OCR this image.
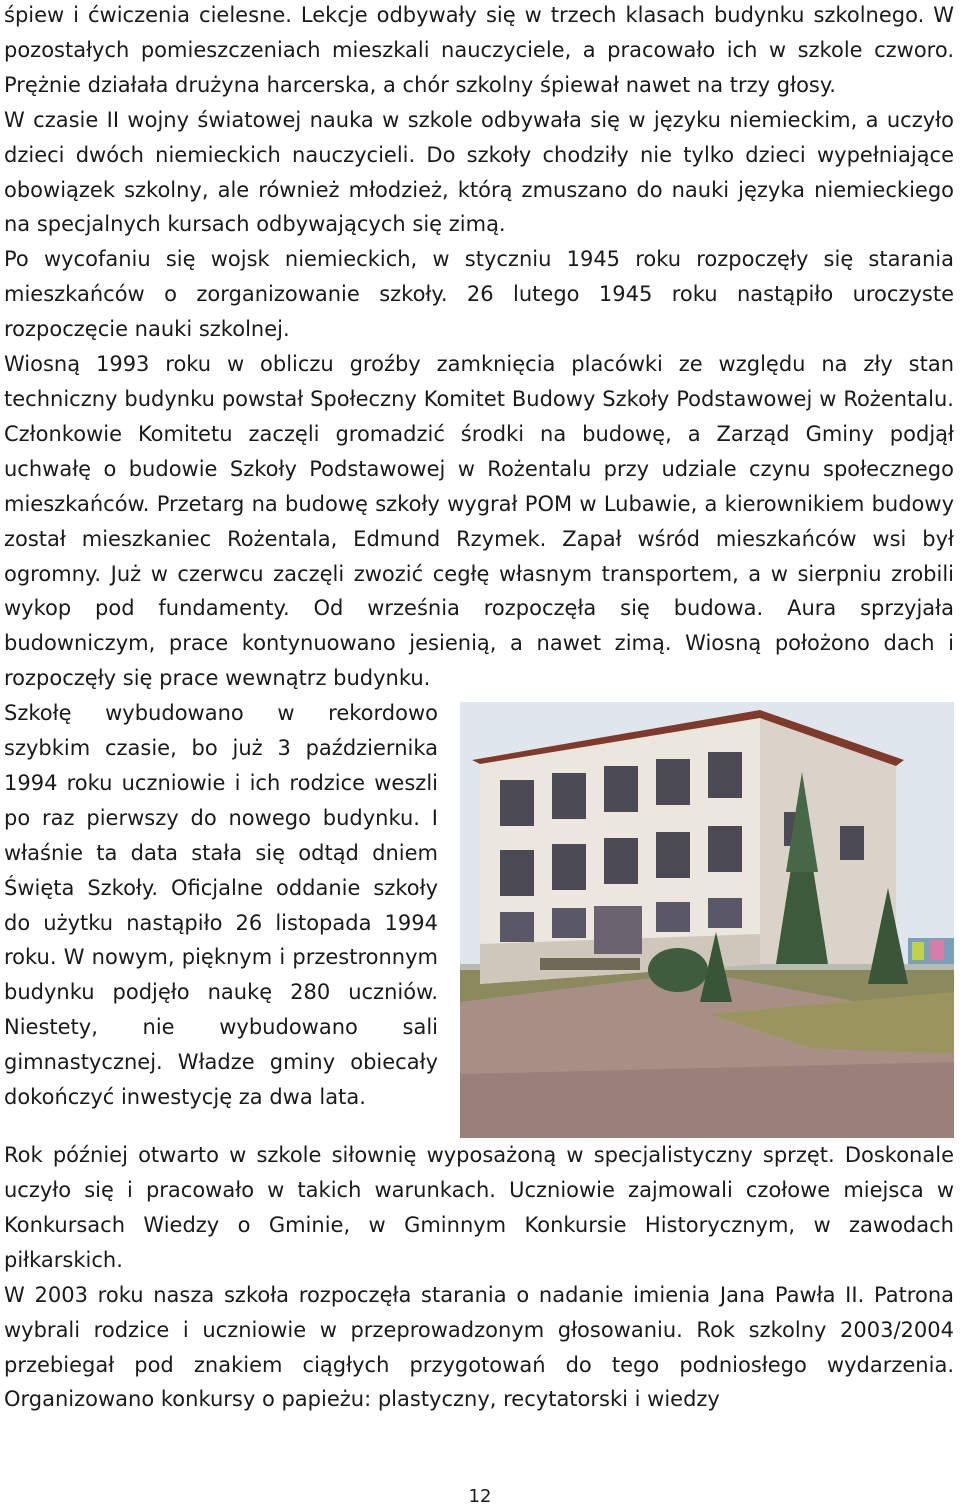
śpiew i ćwiczenia cielesne. Lekcje odbywały się w trzech klasach budynku szkolnego. W pozostałych pomieszczeniach mieszkali nauczyciele, a pracowało ich w szkole czworo. Prężnie działała drużyna harcerska, a chór szkolny śpiewał nawet na trzy głosy.

W czasie II wojny światowej nauka w szkole odbywała się w języku niemieckim, a uczyło dzieci dwóch niemieckich nauczycieli. Do szkoły chodziły nie tylko dzieci wypełniające obowiązek szkolny, ale również młodzież, którą zmuszano do nauki języka niemieckiego na specjalnych kursach odbywających się zimą.

Po wycofaniu się wojsk niemieckich, w styczniu 1945 roku rozpoczęły się starania mieszkańców o zorganizowanie szkoły. 26 lutego 1945 roku nastąpiło uroczyste rozpoczęcie nauki szkolnej.

Wiosną 1993 roku w obliczu groźby zamknięcia placówki ze względu na zły stan techniczny budynku powstał Społeczny Komitet Budowy Szkoły Podstawowej w Rożentalu. Członkowie Komitetu zaczęli gromadzić środki na budowę, a Zarząd Gminy podjął uchwałę o budowie Szkoły Podstawowej w Rożentalu przy udziale czynu społecznego mieszkańców. Przetarg na budowę szkoły wygrał POM w Lubawie, a kierownikiem budowy został mieszkaniec Rożentala, Edmund Rzymek. Zapał wśród mieszkańców wsi był ogromny. Już w czerwcu zaczęli zwozić cegłę własnym transportem, a w sierpniu zrobili wykop pod fundamenty. Od września rozpoczęła się budowa. Aura sprzyjała budowniczym, prace kontynuowano jesienią, a nawet zimą. Wiosną położono dach i rozpoczęły się prace wewnątrz budynku.

Szkołę wybudowano w rekordowo szybkim czasie, bo już 3 października 1994 roku uczniowie i ich rodzice weszli po raz pierwszy do nowego budynku. I właśnie ta data stała się odtąd dniem Święta Szkoły. Oficjalne oddanie szkoły do użytku nastąpiło 26 listopada 1994 roku. W nowym, pięknym i przestronnym budynku podjęło naukę 280 uczniów. Niestety, nie wybudowano sali gimnastycznej. Władze gminy obiecały dokończyć inwestycję za dwa lata.

Rok później otwarto w szkole siłownię wyposażoną w specjalistyczny sprzęt. Doskonale uczyło się i pracowało w takich warunkach. Uczniowie zajmowali czołowe miejsca w Konkursach Wiedzy o Gminie, w Gminnym Konkursie Historycznym, w zawodach piłkarskich.

W 2003 roku nasza szkoła rozpoczęła starania o nadanie imienia Jana Pawła II. Patrona wybrali rodzice i uczniowie w przeprowadzonym głosowaniu. Rok szkolny 2003/2004 przebiegał pod znakiem ciągłych przygotowań do tego podniosłego wydarzenia. Organizowano konkursy o papieżu: plastyczny, recytatorski i wiedzy

12
